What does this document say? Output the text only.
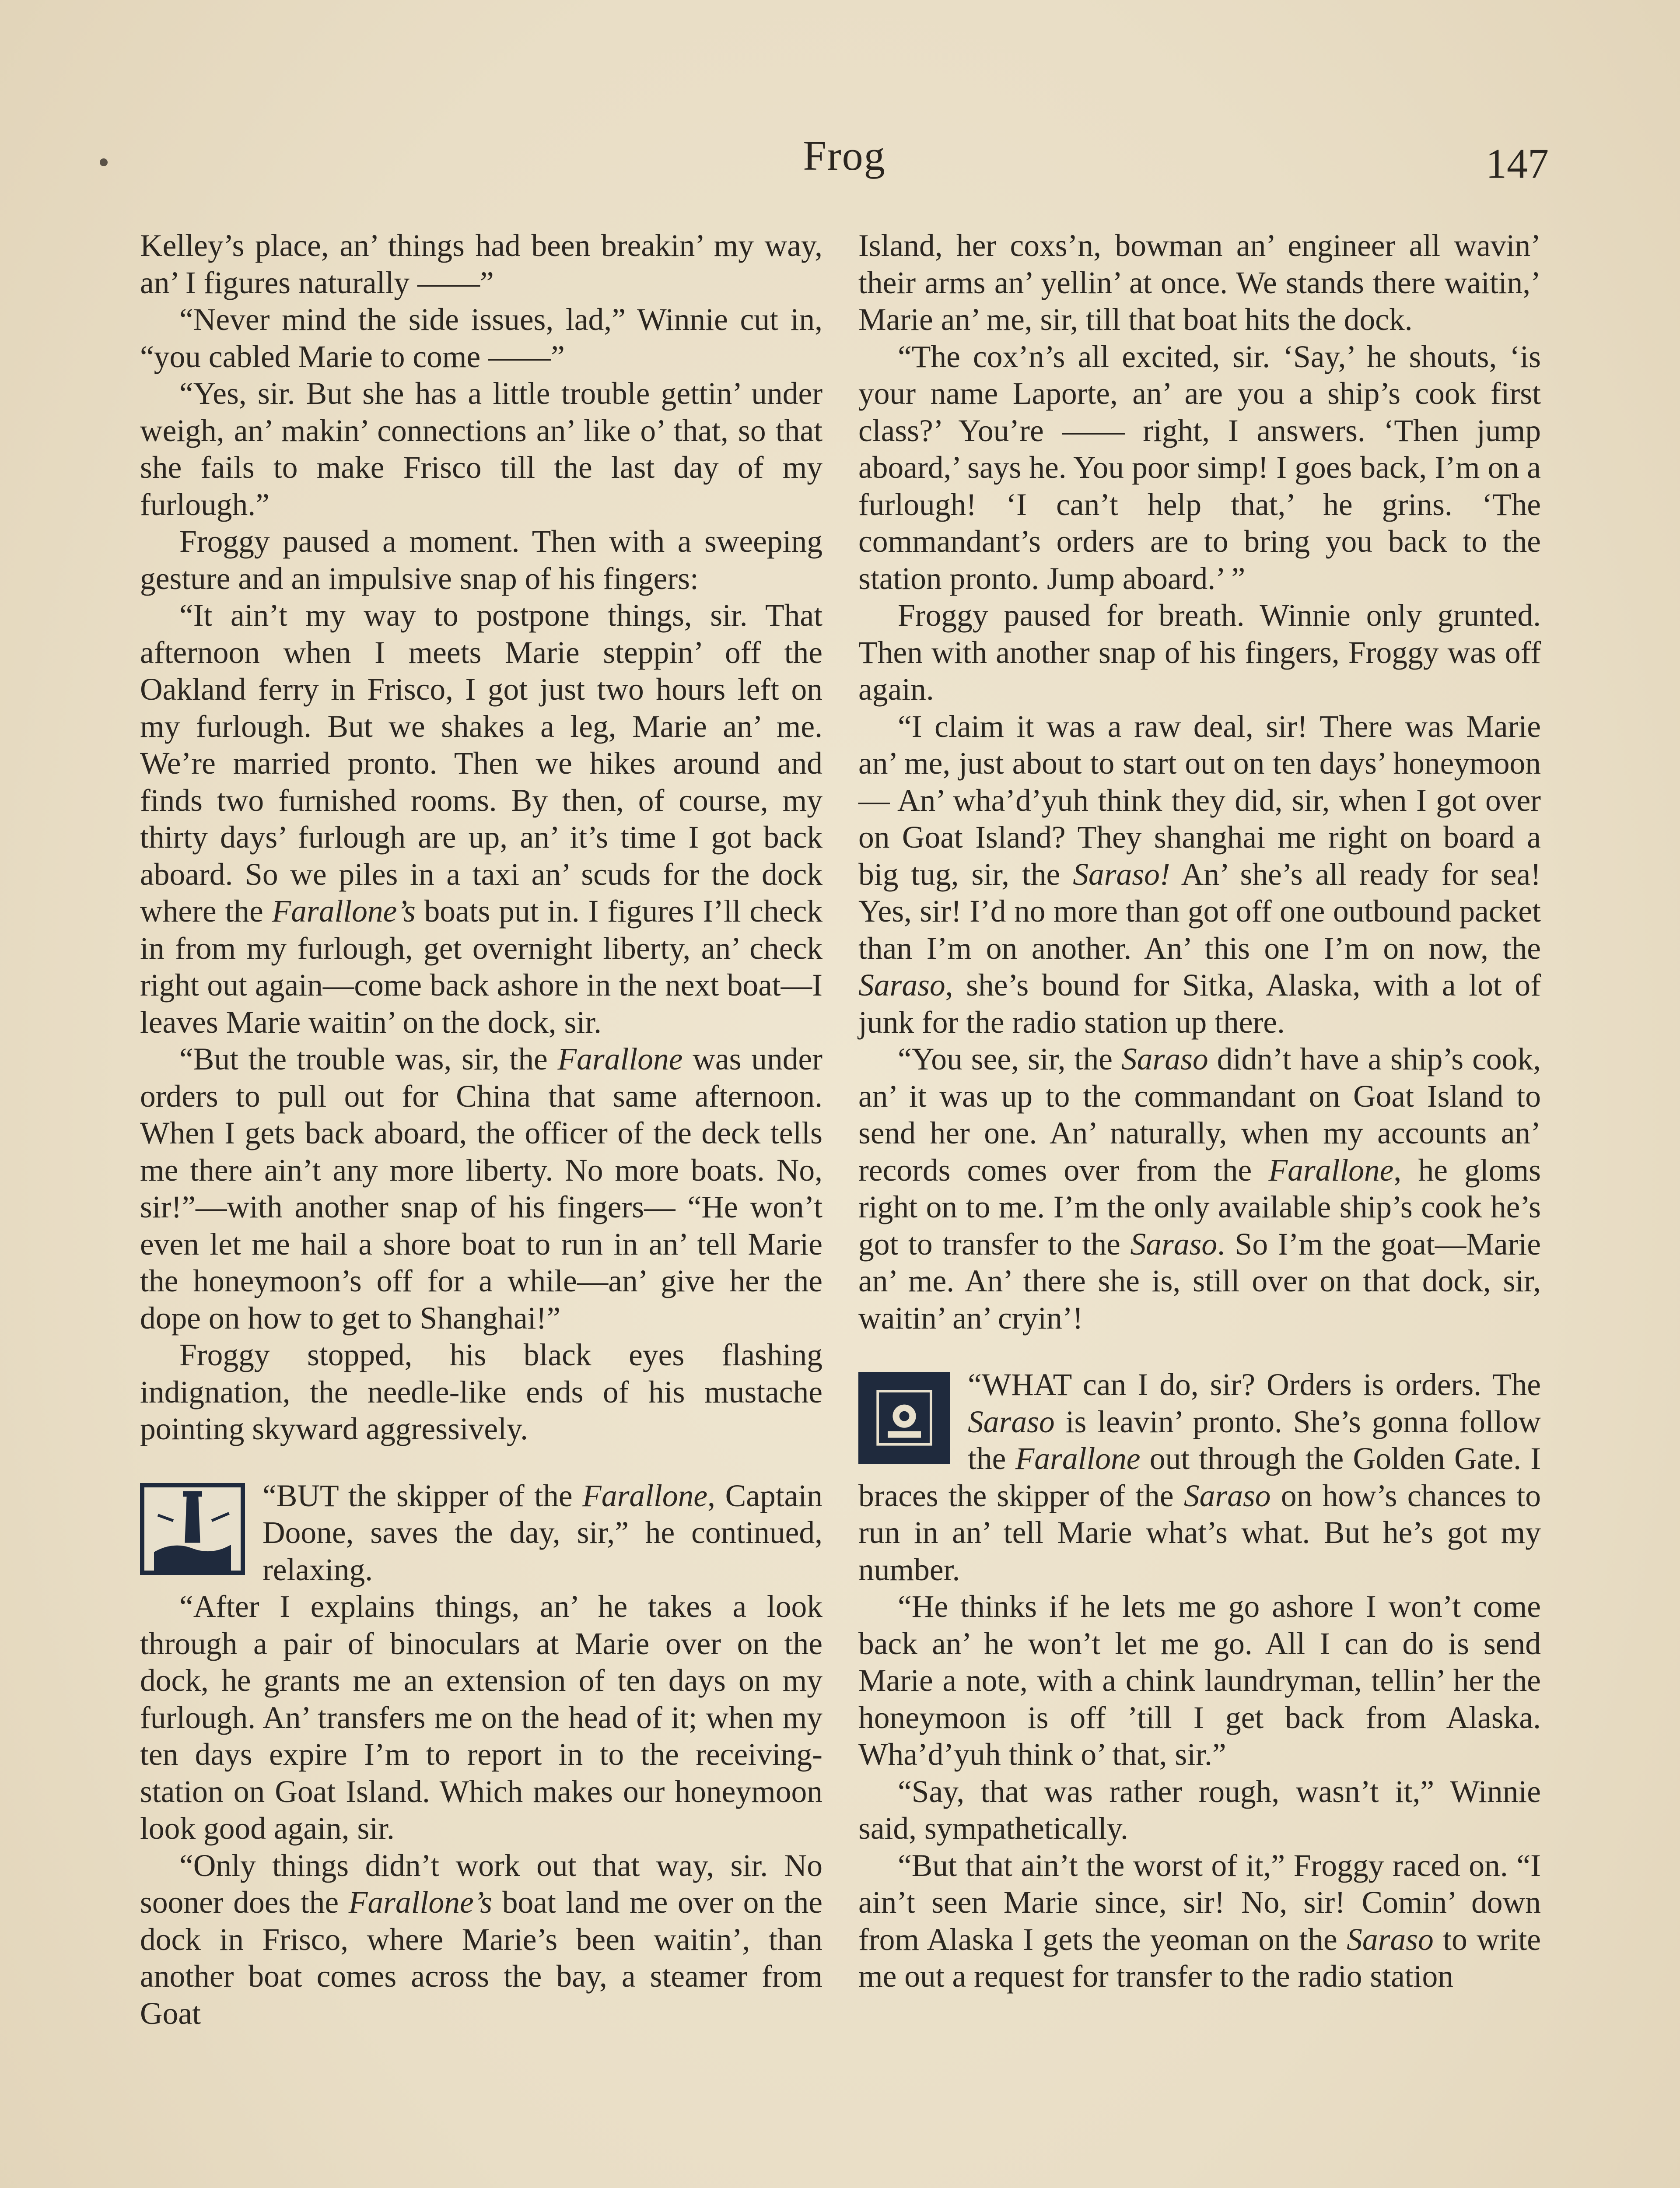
Frog	147

Kelley’s place, an’ things had been breakin’ my way, an’ I figures naturally ——”

“Never mind the side issues, lad,” Winnie cut in, “you cabled Marie to come ——”

“Yes, sir. But she has a little trouble gettin’ under weigh, an’ makin’ connections an’ like o’ that, so that she fails to make Frisco till the last day of my furlough.”

Froggy paused a moment. Then with a sweeping gesture and an impulsive snap of his fingers:

“It ain’t my way to postpone things, sir. That afternoon when I meets Marie steppin’ off the Oakland ferry in Frisco, I got just two hours left on my furlough. But we shakes a leg, Marie an’ me. We’re married pronto. Then we hikes around and finds two furnished rooms. By then, of course, my thirty days’ furlough are up, an’ it’s time I got back aboard. So we piles in a taxi an’ scuds for the dock where the Farallone’s boats put in. I figures I’ll check in from my furlough, get overnight liberty, an’ check right out again—come back ashore in the next boat—I leaves Marie waitin’ on the dock, sir.

“But the trouble was, sir, the Farallone was under orders to pull out for China that same afternoon. When I gets back aboard, the officer of the deck tells me there ain’t any more liberty. No more boats. No, sir!”—with another snap of his fingers— “He won’t even let me hail a shore boat to run in an’ tell Marie the honeymoon’s off for a while—an’ give her the dope on how to get to Shanghai!”

Froggy stopped, his black eyes flashing indignation, the needle-like ends of his mustache pointing skyward aggressively.

“BUT the skipper of the Farallone, Captain Doone, saves the day, sir,” he continued, relaxing.

“After I explains things, an’ he takes a look through a pair of binoculars at Marie over on the dock, he grants me an extension of ten days on my furlough. An’ transfers me on the head of it; when my ten days expire I’m to report in to the receiving-station on Goat Island. Which makes our honeymoon look good again, sir.

“Only things didn’t work out that way, sir. No sooner does the Farallone’s boat land me over on the dock in Frisco, where Marie’s been waitin’, than another boat comes across the bay, a steamer from Goat

Island, her coxs’n, bowman an’ engineer all wavin’ their arms an’ yellin’ at once. We stands there waitin,’ Marie an’ me, sir, till that boat hits the dock.

“The cox’n’s all excited, sir. ‘Say,’ he shouts, ‘is your name Laporte, an’ are you a ship’s cook first class?’ You’re —— right, I answers. ‘Then jump aboard,’ says he. You poor simp! I goes back, I’m on a furlough! ‘I can’t help that,’ he grins. ‘The commandant’s orders are to bring you back to the station pronto. Jump aboard.’ ”

Froggy paused for breath. Winnie only grunted. Then with another snap of his fingers, Froggy was off again.

“I claim it was a raw deal, sir! There was Marie an’ me, just about to start out on ten days’ honeymoon— An’ wha’d’yuh think they did, sir, when I got over on Goat Island? They shanghai me right on board a big tug, sir, the Saraso! An’ she’s all ready for sea! Yes, sir! I’d no more than got off one outbound packet than I’m on another. An’ this one I’m on now, the Saraso, she’s bound for Sitka, Alaska, with a lot of junk for the radio station up there.

“You see, sir, the Saraso didn’t have a ship’s cook, an’ it was up to the commandant on Goat Island to send her one. An’ naturally, when my accounts an’ records comes over from the Farallone, he gloms right on to me. I’m the only available ship’s cook he’s got to transfer to the Saraso. So I’m the goat—Marie an’ me. An’ there she is, still over on that dock, sir, waitin’ an’ cryin’!

“WHAT can I do, sir? Orders is orders. The Saraso is leavin’ pronto. She’s gonna follow the Farallone out through the Golden Gate. I braces the skipper of the Saraso on how’s chances to run in an’ tell Marie what’s what. But he’s got my number.

“He thinks if he lets me go ashore I won’t come back an’ he won’t let me go. All I can do is send Marie a note, with a chink laundryman, tellin’ her the honeymoon is off ’till I get back from Alaska. Wha’d’yuh think o’ that, sir.”

“Say, that was rather rough, wasn’t it,” Winnie said, sympathetically.

“But that ain’t the worst of it,” Froggy raced on. “I ain’t seen Marie since, sir! No, sir! Comin’ down from Alaska I gets the yeoman on the Saraso to write me out a request for transfer to the radio station
